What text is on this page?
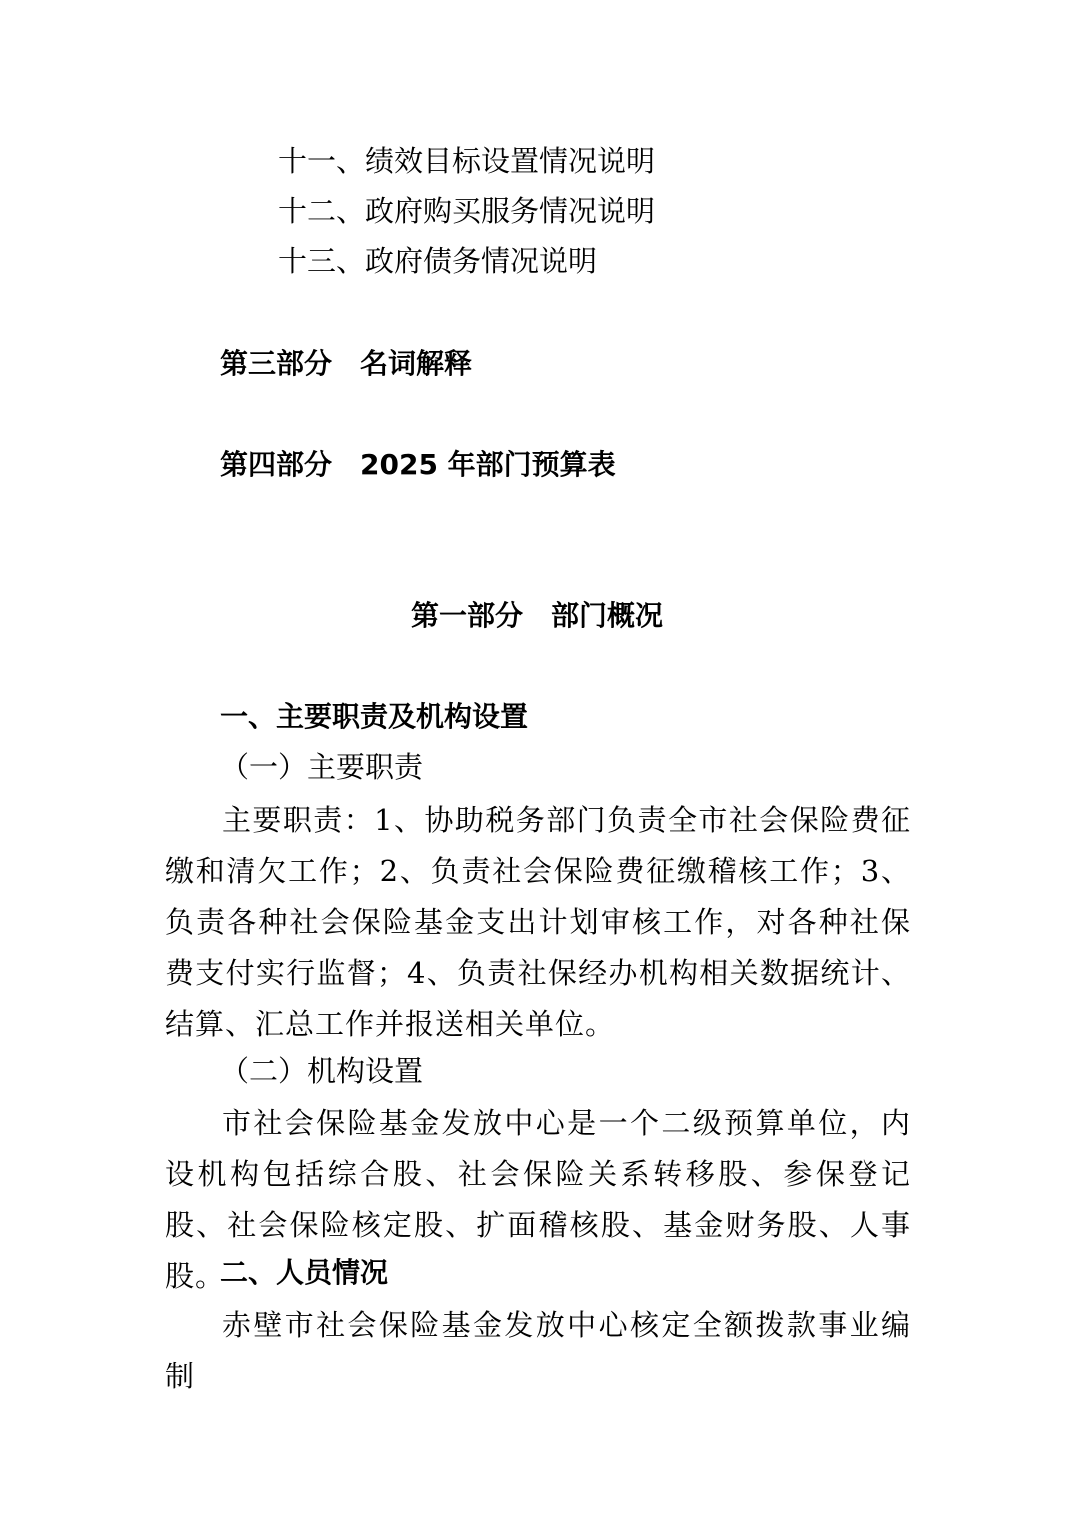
十一、绩效目标设置情况说明
十二、政府购买服务情况说明
十三、政府债务情况说明
第三部分　名词解释
第四部分　2025 年部门预算表
第一部分　部门概况
一、主要职责及机构设置
（一）主要职责
主要职责：1、协助税务部门负责全市社会保险费征缴和清欠工作；2、负责社会保险费征缴稽核工作；3、负责各种社会保险基金支出计划审核工作，对各种社保费支付实行监督；4、负责社保经办机构相关数据统计、结算、汇总工作并报送相关单位。
（二）机构设置
市社会保险基金发放中心是一个二级预算单位，内设机构包括综合股、社会保险关系转移股、参保登记股、社会保险核定股、扩面稽核股、基金财务股、人事股。
二、人员情况
赤壁市社会保险基金发放中心核定全额拨款事业编制
